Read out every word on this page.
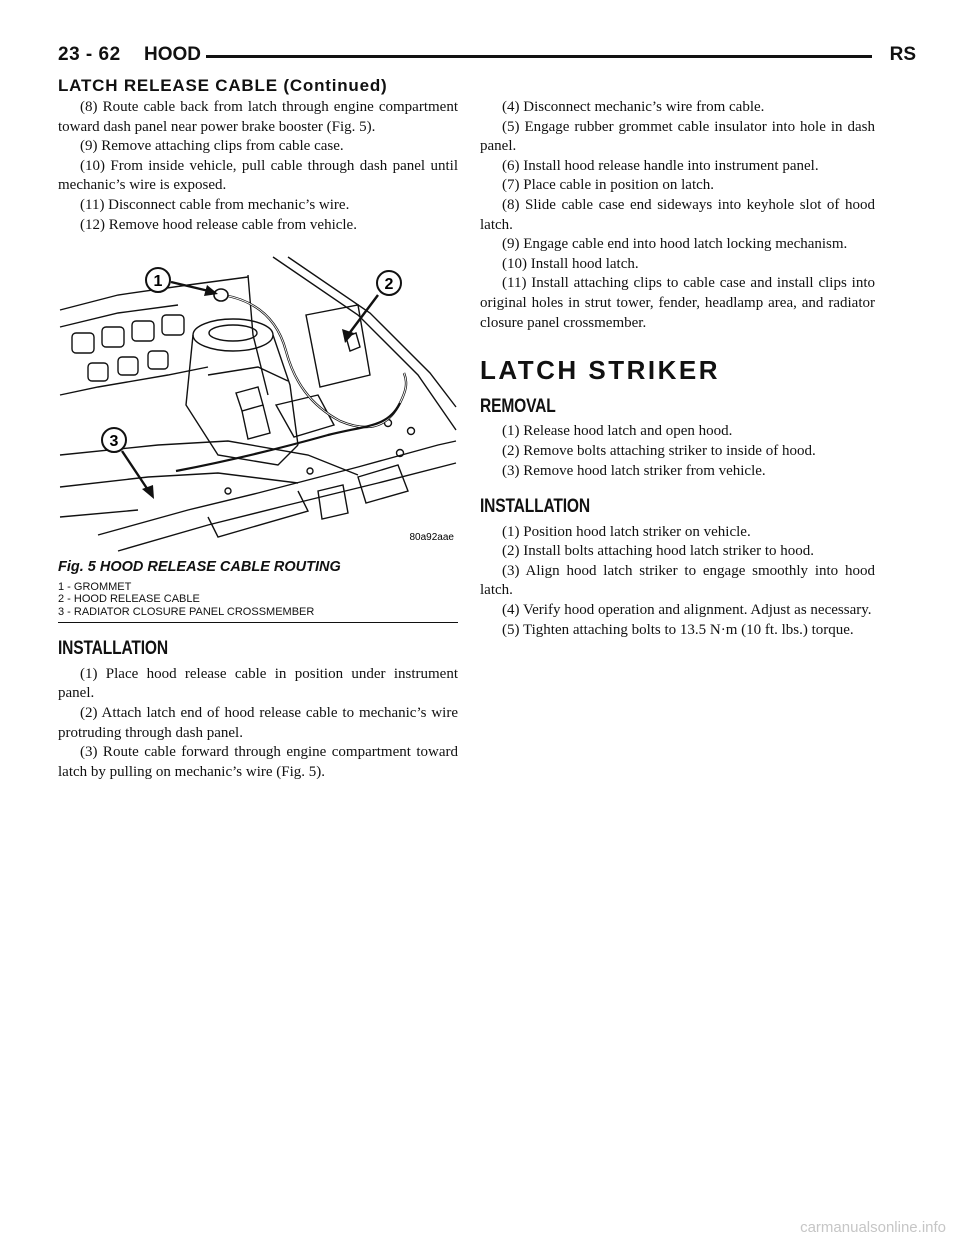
23 - 62 HOOD	RS
LATCH RELEASE CABLE (Continued)

(8) Route cable back from latch through engine compartment toward dash panel near power brake booster (Fig. 5).

(9) Remove attaching clips from cable case.

(10) From inside vehicle, pull cable through dash panel until mechanic’s wire is exposed.

(11) Disconnect cable from mechanic’s wire.

(12) Remove hood release cable from vehicle.

1	2
3
80a92aae
Fig. 5 HOOD RELEASE CABLE ROUTING
1 - GROMMET
2 - HOOD RELEASE CABLE
3 - RADIATOR CLOSURE PANEL CROSSMEMBER
INSTALLATION

(1) Place hood release cable in position under instrument panel.

(2) Attach latch end of hood release cable to mechanic’s wire protruding through dash panel.

(3) Route cable forward through engine compartment toward latch by pulling on mechanic’s wire (Fig. 5).

(4) Disconnect mechanic’s wire from cable.

(5) Engage rubber grommet cable insulator into hole in dash panel.

(6) Install hood release handle into instrument panel.

(7) Place cable in position on latch.

(8) Slide cable case end sideways into keyhole slot of hood latch.

(9) Engage cable end into hood latch locking mechanism.

(10) Install hood latch.

(11) Install attaching clips to cable case and install clips into original holes in strut tower, fender, headlamp area, and radiator closure panel crossmember.

LATCH STRIKER
REMOVAL

(1) Release hood latch and open hood.

(2) Remove bolts attaching striker to inside of hood.

(3) Remove hood latch striker from vehicle.

INSTALLATION

(1) Position hood latch striker on vehicle.

(2) Install bolts attaching hood latch striker to hood.

(3) Align hood latch striker to engage smoothly into hood latch.

(4) Verify hood operation and alignment. Adjust as necessary.

(5) Tighten attaching bolts to 13.5 N·m (10 ft. lbs.) torque.

carmanualsonline.info
